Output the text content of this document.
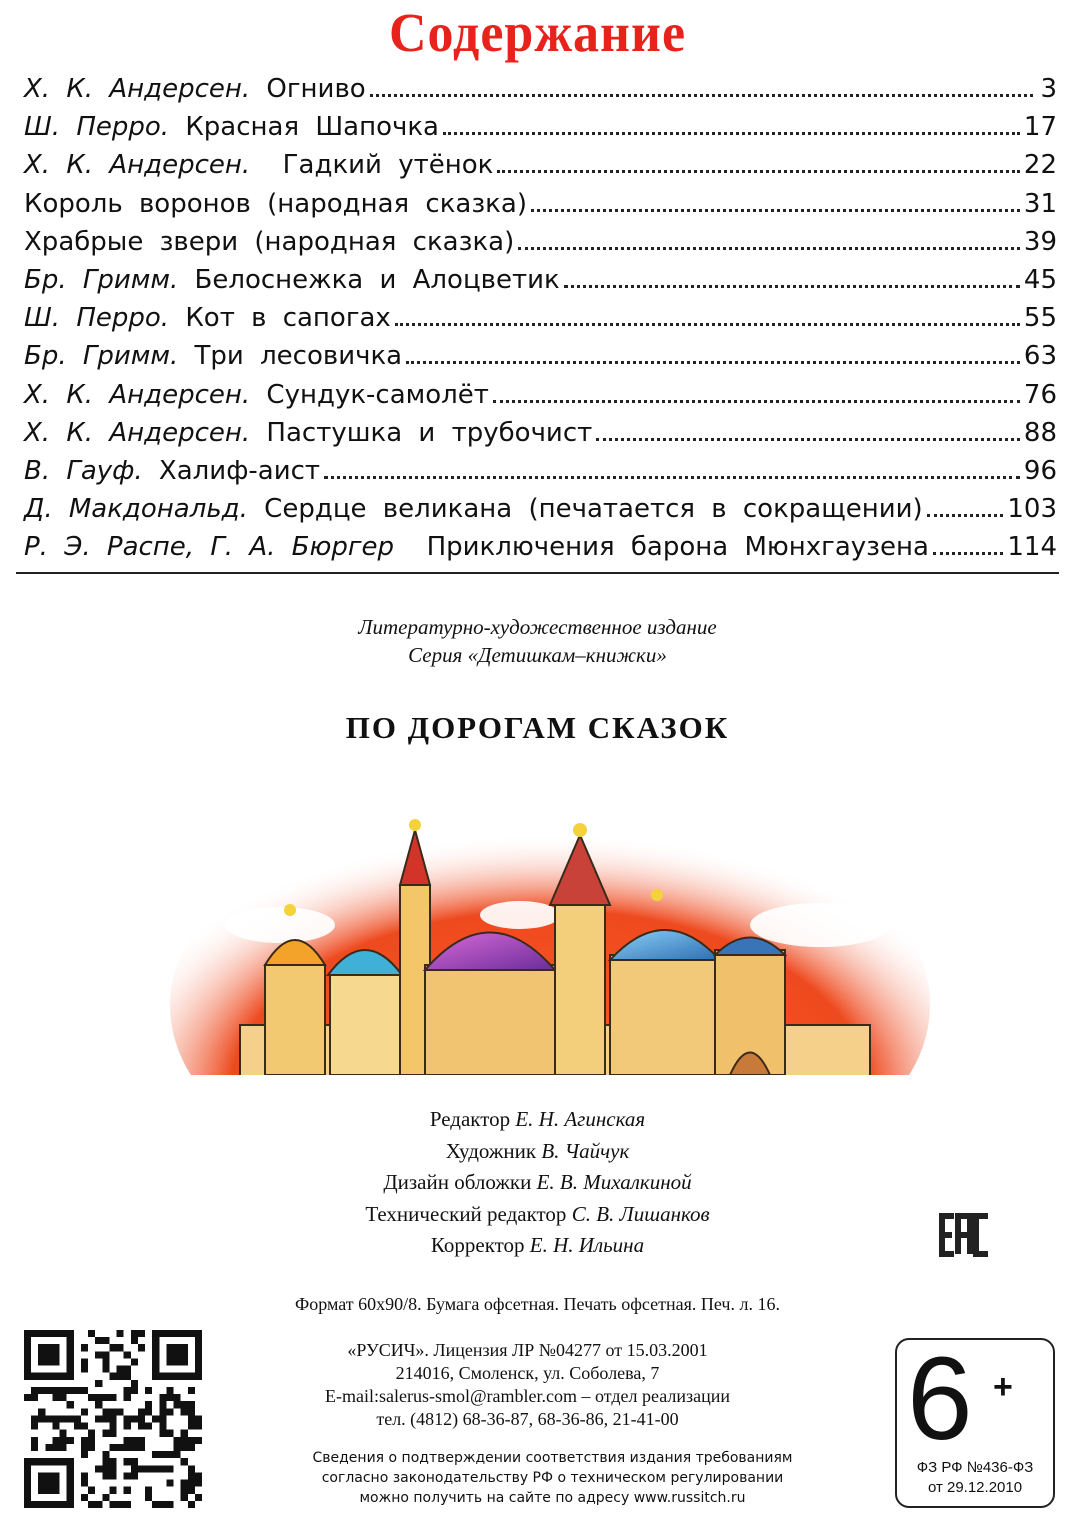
Содержание
Х. К. Андерсен. Огниво	3
Ш. Перро. Красная Шапочка	17
Х. К. Андерсен.  Гадкий утёнок	22
Король воронов (народная сказка)	31
Храбрые звери (народная сказка)	39
Бр. Гримм. Белоснежка и Алоцветик	45
Ш. Перро. Кот в сапогах	55
Бр. Гримм. Три лесовичка	63
Х. К. Андерсен. Сундук-самолёт	76
Х. К. Андерсен. Пастушка и трубочист	88
В. Гауф. Халиф-аист	96
Д. Макдональд. Сердце великана (печатается в сокращении)	103
Р. Э. Распе, Г. А. Бюргер  Приключения барона Мюнхгаузена	114
Литературно-художественное издание
Серия «Детишкам–книжки»
ПО ДОРОГАМ СКАЗОК
Редактор Е. Н. Агинская
Художник В. Чайчук
Дизайн обложки Е. В. Михалкиной
Технический редактор С. В. Лишанков
Корректор Е. Н. Ильина
Формат 60х90/8. Бумага офсетная. Печать офсетная. Печ. л. 16.
«РУСИЧ». Лицензия ЛР №04277 от 15.03.2001
214016, Смоленск, ул. Соболева, 7
E-mail:salerus-smol@rambler.com – отдел реализации
тел. (4812) 68-36-87, 68-36-86, 21-41-00
Сведения о подтверждении соответствия издания требованиям
согласно законодательству РФ о техническом регулировании
можно получить на сайте по адресу www.russitch.ru
6 +
ФЗ РФ №436-ФЗ
от 29.12.2010
